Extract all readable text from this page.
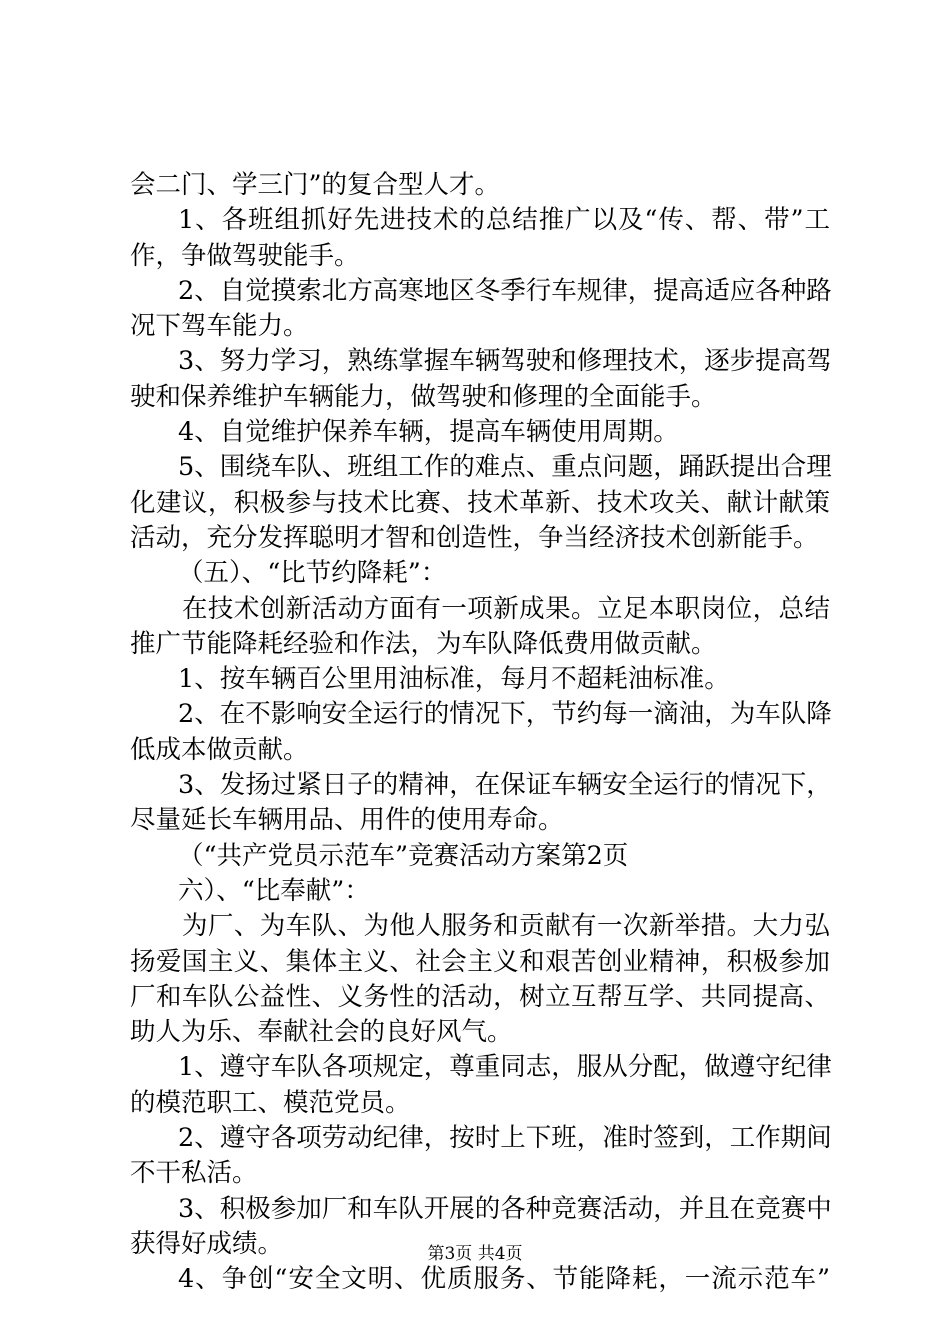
会二门、学三门”的复合型人才。
1、各班组抓好先进技术的总结推广以及“传、帮、带”工
作，争做驾驶能手。
2、自觉摸索北方高寒地区冬季行车规律，提高适应各种路
况下驾车能力。
3、努力学习，熟练掌握车辆驾驶和修理技术，逐步提高驾
驶和保养维护车辆能力，做驾驶和修理的全面能手。
4、自觉维护保养车辆，提高车辆使用周期。
5、围绕车队、班组工作的难点、重点问题，踊跃提出合理
化建议，积极参与技术比赛、技术革新、技术攻关、献计献策
活动，充分发挥聪明才智和创造性，争当经济技术创新能手。
（五）、“比节约降耗”：
在技术创新活动方面有一项新成果。立足本职岗位，总结
推广节能降耗经验和作法，为车队降低费用做贡献。
1、按车辆百公里用油标准，每月不超耗油标准。
2、在不影响安全运行的情况下，节约每一滴油，为车队降
低成本做贡献。
3、发扬过紧日子的精神，在保证车辆安全运行的情况下，
尽量延长车辆用品、用件的使用寿命。
（“共产党员示范车”竞赛活动方案第2页
六）、“比奉献”：
为厂、为车队、为他人服务和贡献有一次新举措。大力弘
扬爱国主义、集体主义、社会主义和艰苦创业精神，积极参加
厂和车队公益性、义务性的活动，树立互帮互学、共同提高、
助人为乐、奉献社会的良好风气。
1、遵守车队各项规定，尊重同志，服从分配，做遵守纪律
的模范职工、模范党员。
2、遵守各项劳动纪律，按时上下班，准时签到，工作期间
不干私活。
3、积极参加厂和车队开展的各种竞赛活动，并且在竞赛中
获得好成绩。
4、争创“安全文明、优质服务、节能降耗，一流示范车”
第3页 共4页
